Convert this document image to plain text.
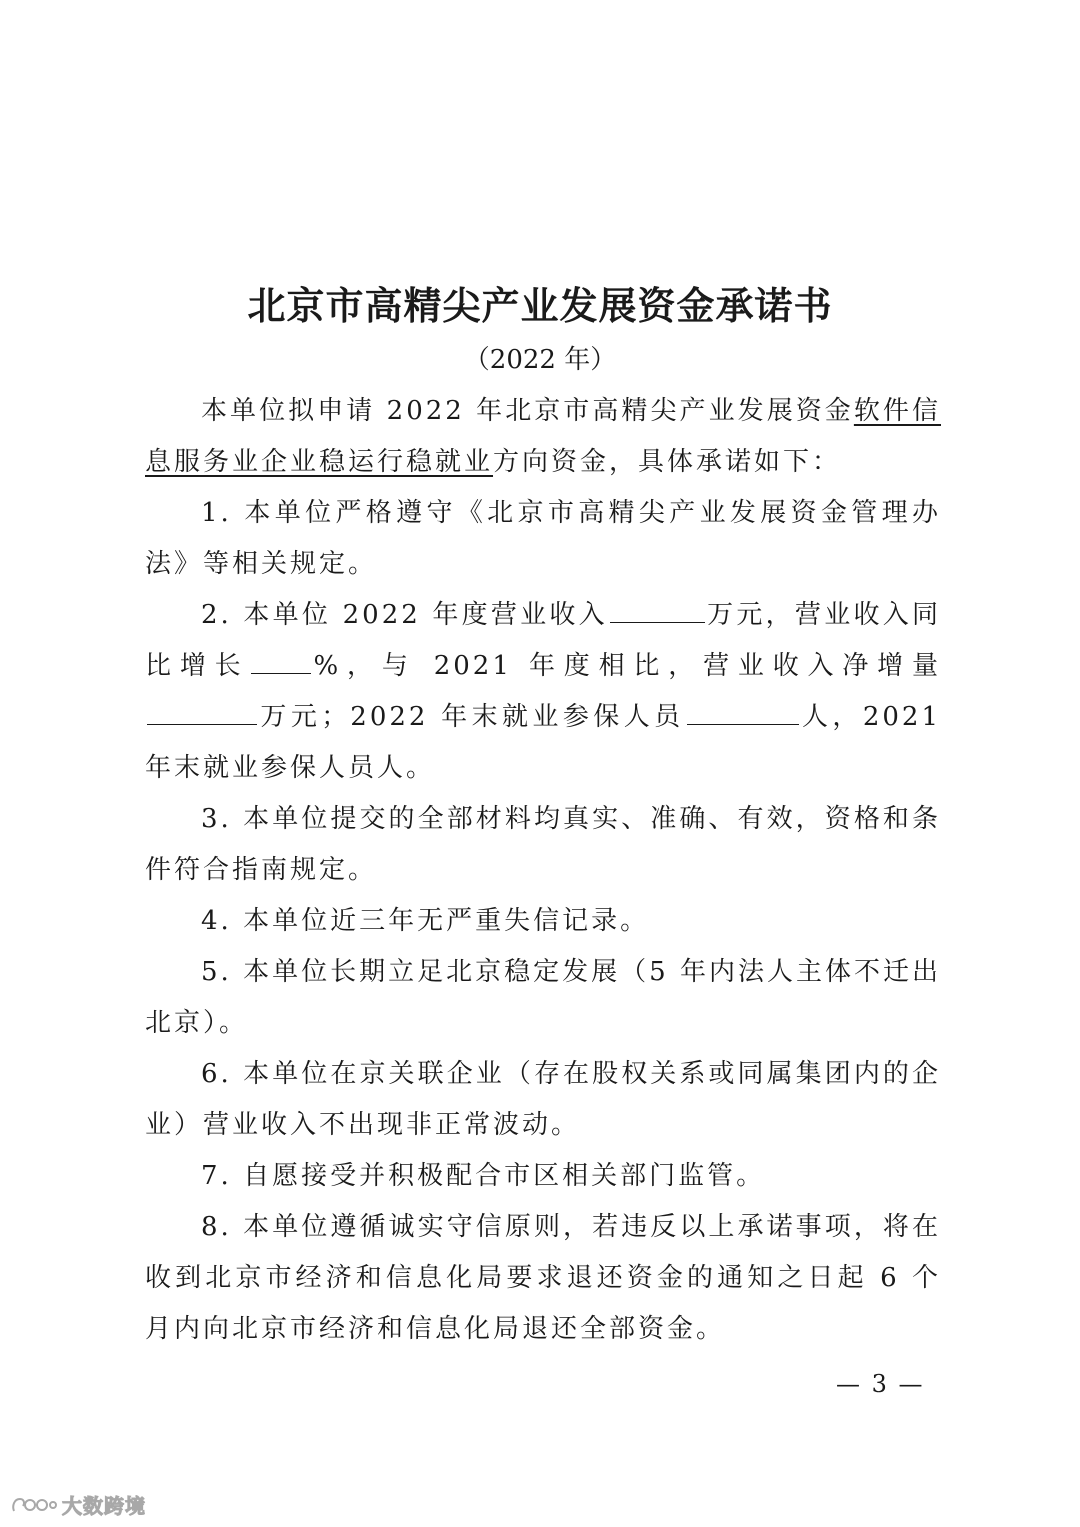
北京市高精尖产业发展资金承诺书
（2022 年）

本单位拟申请 2022 年北京市高精尖产业发展资金软件信息服务业企业稳运行稳就业方向资金，具体承诺如下：

1. 本单位严格遵守《北京市高精尖产业发展资金管理办法》等相关规定。

2. 本单位 2022 年度营业收入	万元，营业收入同比增长 %，与 2021 年度相比，营业收入净增量万元；2022 年末就业参保人员	人，2021 年末就业参保人员人。

3. 本单位提交的全部材料均真实、准确、有效，资格和条件符合指南规定。

4. 本单位近三年无严重失信记录。

5. 本单位长期立足北京稳定发展（5 年内法人主体不迁出北京）。

6. 本单位在京关联企业（存在股权关系或同属集团内的企业）营业收入不出现非正常波动。

7. 自愿接受并积极配合市区相关部门监管。

8. 本单位遵循诚实守信原则，若违反以上承诺事项，将在收到北京市经济和信息化局要求退还资金的通知之日起 6 个月内向北京市经济和信息化局退还全部资金。

— 3 —
大数跨境
